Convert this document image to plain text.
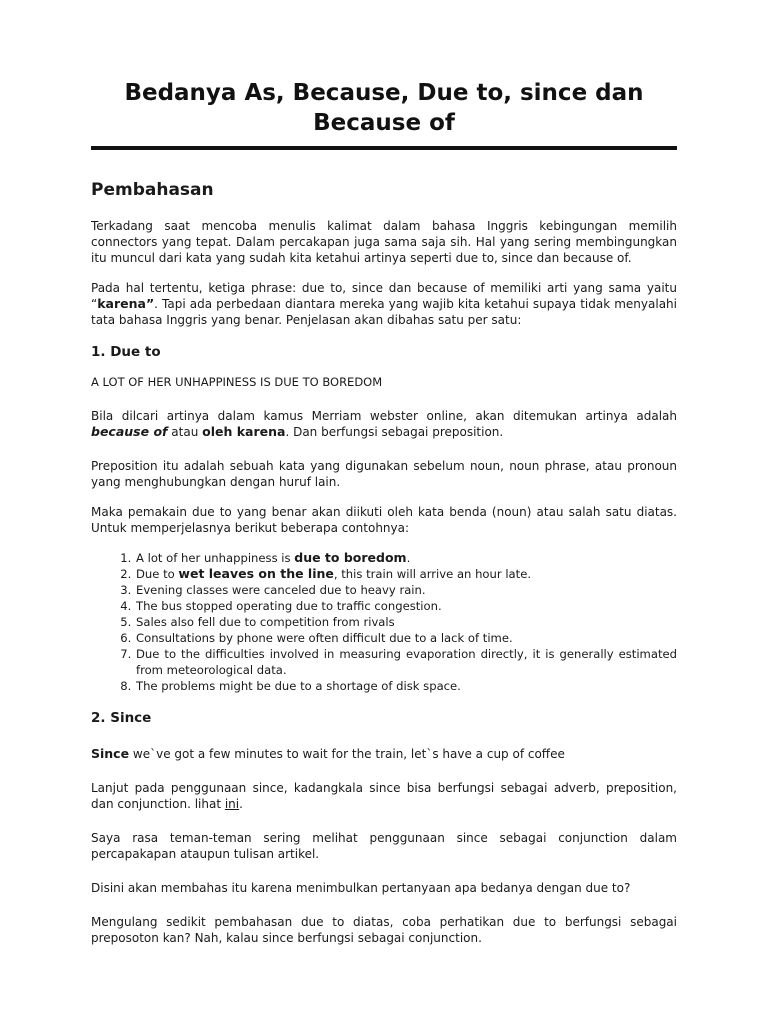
Bedanya As, Because, Due to, since dan
Because of
Pembahasan

Terkadang saat mencoba menulis kalimat dalam bahasa Inggris kebingungan memilih connectors yang tepat. Dalam percakapan juga sama saja sih. Hal yang sering membingungkan itu muncul dari kata yang sudah kita ketahui artinya seperti due to, since dan because of.

Pada hal tertentu, ketiga phrase: due to, since dan because of memiliki arti yang sama yaitu “karena”. Tapi ada perbedaan diantara mereka yang wajib kita ketahui supaya tidak menyalahi tata bahasa Inggris yang benar. Penjelasan akan dibahas satu per satu:

1. Due to

A LOT OF HER UNHAPPINESS IS DUE TO BOREDOM

Bila dilcari artinya dalam kamus Merriam webster online, akan ditemukan artinya adalah because of atau oleh karena. Dan berfungsi sebagai preposition.

Preposition itu adalah sebuah kata yang digunakan sebelum noun, noun phrase, atau pronoun yang menghubungkan dengan huruf lain.

Maka pemakain due to yang benar akan diikuti oleh kata benda (noun) atau salah satu diatas. Untuk memperjelasnya berikut beberapa contohnya:

1. A lot of her unhappiness is due to boredom.
2. Due to wet leaves on the line, this train will arrive an hour late.
3. Evening classes were canceled due to heavy rain.
4. The bus stopped operating due to traffic congestion.
5. Sales also fell due to competition from rivals
6. Consultations by phone were often difficult due to a lack of time.
7. Due to the difficulties involved in measuring evaporation directly, it is generally estimated from meteorological data.
8. The problems might be due to a shortage of disk space.
2. Since

Since we`ve got a few minutes to wait for the train, let`s have a cup of coffee

Lanjut pada penggunaan since, kadangkala since bisa berfungsi sebagai adverb, preposition, dan conjunction. lihat ini.

Saya rasa teman-teman sering melihat penggunaan since sebagai conjunction dalam percapakapan ataupun tulisan artikel.

Disini akan membahas itu karena menimbulkan pertanyaan apa bedanya dengan due to?

Mengulang sedikit pembahasan due to diatas, coba perhatikan due to berfungsi sebagai preposoton kan? Nah, kalau since berfungsi sebagai conjunction.
